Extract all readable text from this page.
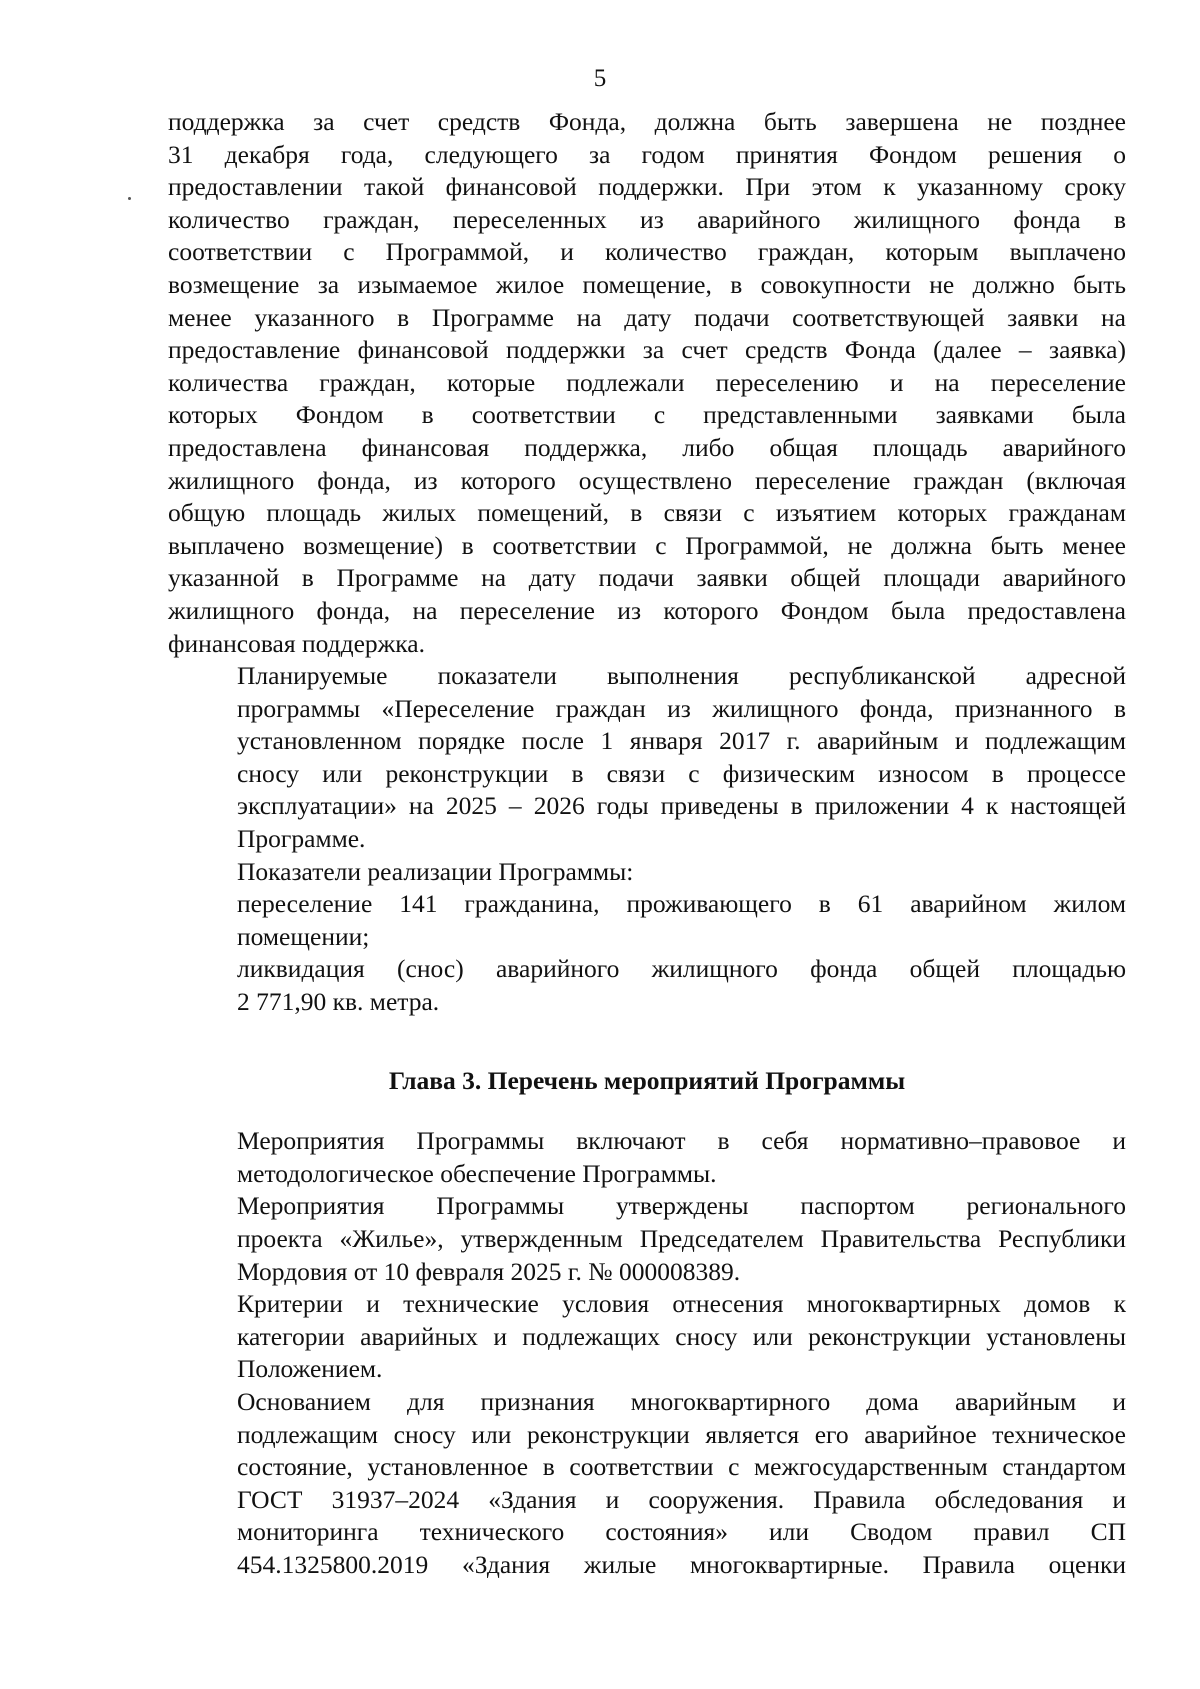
5
поддержка за счет средств Фонда, должна быть завершена не позднее
31 декабря года, следующего за годом принятия Фондом решения о
предоставлении такой финансовой поддержки. При этом к указанному сроку
количество граждан, переселенных из аварийного жилищного фонда в
соответствии с Программой, и количество граждан, которым выплачено
возмещение за изымаемое жилое помещение, в совокупности не должно быть
менее указанного в Программе на дату подачи соответствующей заявки на
предоставление финансовой поддержки за счет средств Фонда (далее – заявка)
количества граждан, которые подлежали переселению и на переселение
которых Фондом в соответствии с представленными заявками была
предоставлена финансовая поддержка, либо общая площадь аварийного
жилищного фонда, из которого осуществлено переселение граждан (включая
общую площадь жилых помещений, в связи с изъятием которых гражданам
выплачено возмещение) в соответствии с Программой, не должна быть менее
указанной в Программе на дату подачи заявки общей площади аварийного
жилищного фонда, на переселение из которого Фондом была предоставлена
финансовая поддержка.
Планируемые показатели выполнения республиканской адресной
программы «Переселение граждан из жилищного фонда, признанного в
установленном порядке после 1 января 2017 г. аварийным и подлежащим
сносу или реконструкции в связи с физическим износом в процессе
эксплуатации» на 2025 – 2026 годы приведены в приложении 4 к настоящей
Программе.
Показатели реализации Программы:
переселение 141 гражданина, проживающего в 61 аварийном жилом
помещении;
ликвидация (снос) аварийного жилищного фонда общей площадью
2 771,90 кв. метра.
Глава 3. Перечень мероприятий Программы
Мероприятия Программы включают в себя нормативно–правовое и
методологическое обеспечение Программы.
Мероприятия Программы утверждены паспортом регионального
проекта «Жилье», утвержденным Председателем Правительства Республики
Мордовия от 10 февраля 2025 г. № 000008389.
Критерии и технические условия отнесения многоквартирных домов к
категории аварийных и подлежащих сносу или реконструкции установлены
Положением.
Основанием для признания многоквартирного дома аварийным и
подлежащим сносу или реконструкции является его аварийное техническое
состояние, установленное в соответствии с межгосударственным стандартом
ГОСТ 31937–2024 «Здания и сооружения. Правила обследования и
мониторинга технического состояния» или Сводом правил СП
454.1325800.2019 «Здания жилые многоквартирные. Правила оценки
